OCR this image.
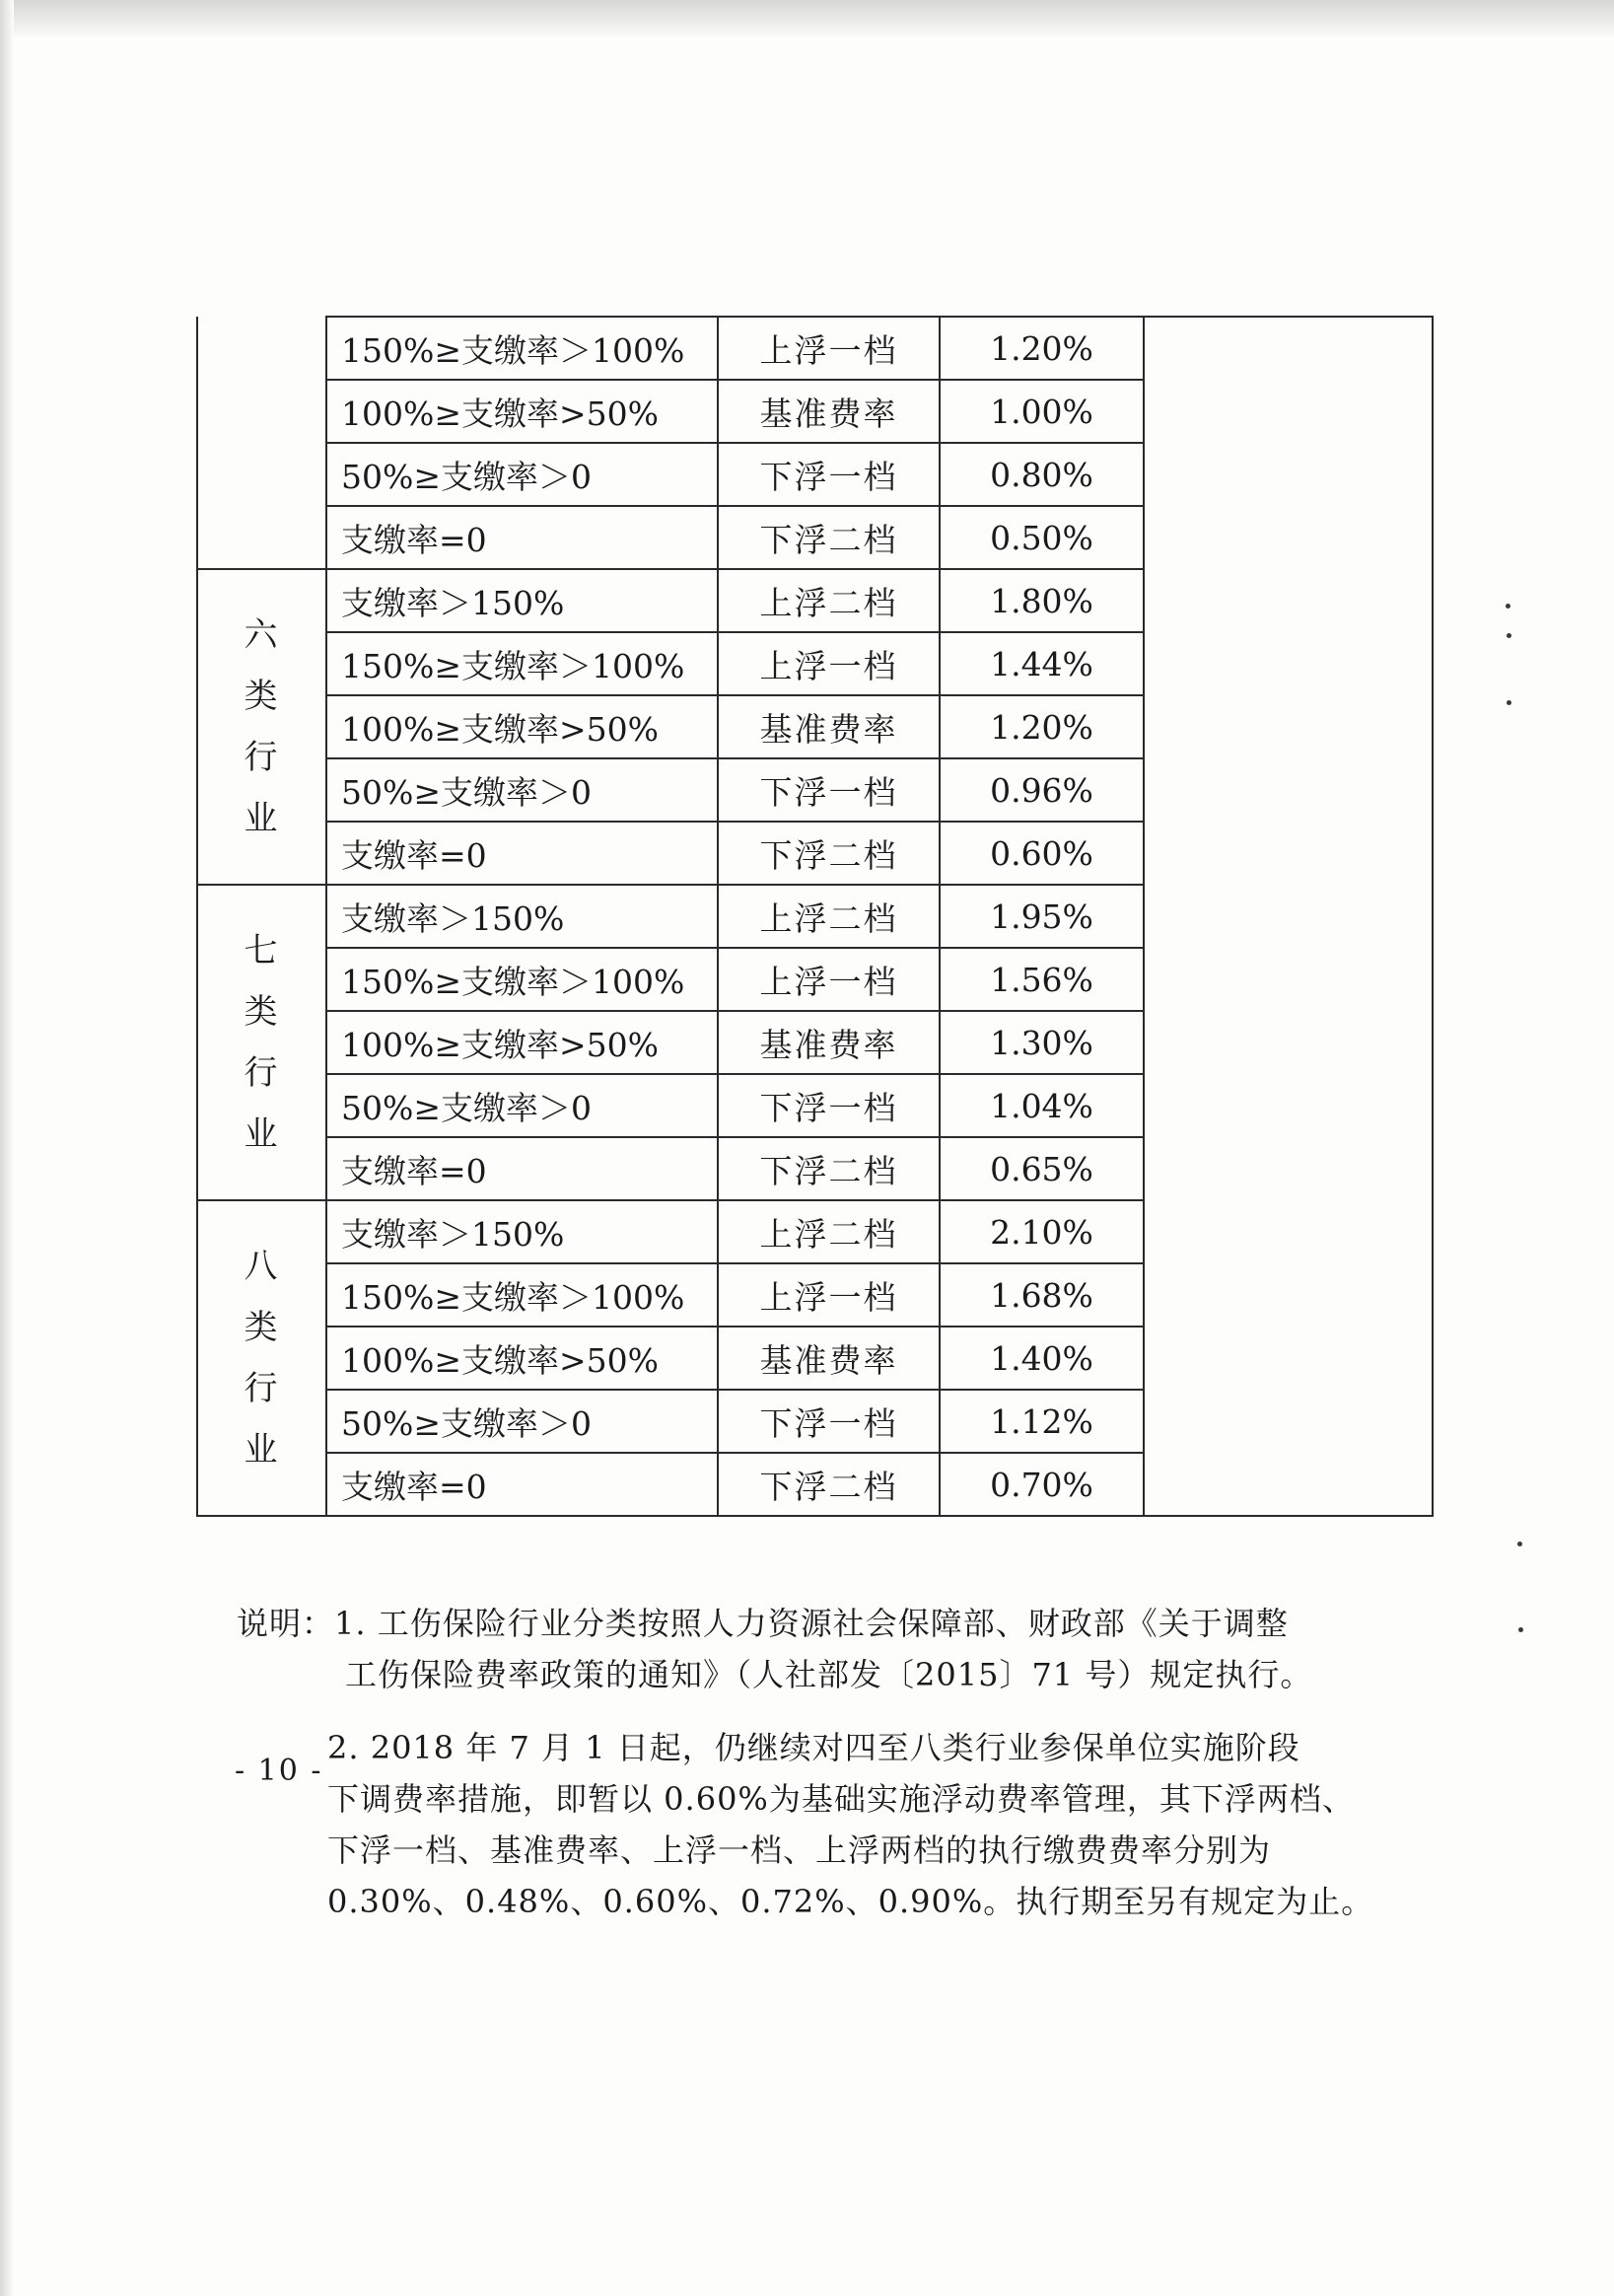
	150%≥支缴率＞100%	上浮一档	1.20%	
	100%≥支缴率>50%	基准费率	1.00%	
	50%≥支缴率＞0	下浮一档	0.80%	
	支缴率=0	下浮二档	0.50%	
六类行业	支缴率＞150%	上浮二档	1.80%	
	150%≥支缴率＞100%	上浮一档	1.44%	
	100%≥支缴率>50%	基准费率	1.20%	
	50%≥支缴率＞0	下浮一档	0.96%	
	支缴率=0	下浮二档	0.60%	
七类行业	支缴率＞150%	上浮二档	1.95%	
	150%≥支缴率＞100%	上浮一档	1.56%	
	100%≥支缴率>50%	基准费率	1.30%	
	50%≥支缴率＞0	下浮一档	1.04%	
	支缴率=0	下浮二档	0.65%	
八类行业	支缴率＞150%	上浮二档	2.10%	
	150%≥支缴率＞100%	上浮一档	1.68%	
	100%≥支缴率>50%	基准费率	1.40%	
	50%≥支缴率＞0	下浮一档	1.12%	
	支缴率=0	下浮二档	0.70%	
说明：1. 工伤保险行业分类按照人力资源社会保障部、财政部《关于调整
工伤保险费率政策的通知》（人社部发〔2015〕71 号）规定执行。
2. 2018 年 7 月 1 日起，仍继续对四至八类行业参保单位实施阶段
下调费率措施，即暂以 0.60%为基础实施浮动费率管理，其下浮两档、
下浮一档、基准费率、上浮一档、上浮两档的执行缴费费率分别为
0.30%、0.48%、0.60%、0.72%、0.90%。执行期至另有规定为止。
- 10 -
